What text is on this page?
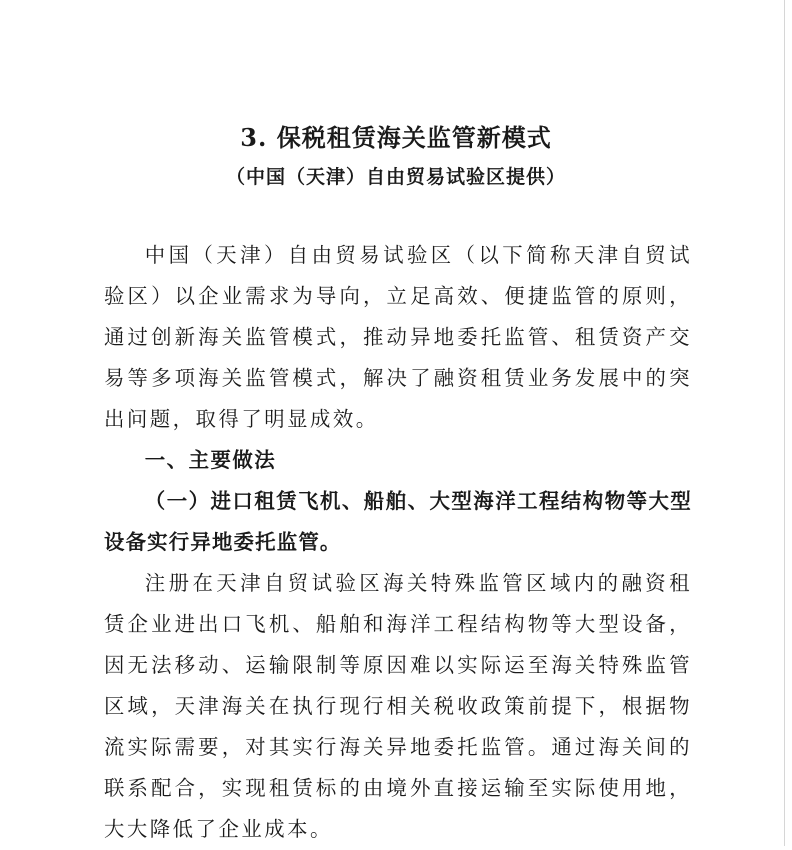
3. 保税租赁海关监管新模式
（中国（天津）自由贸易试验区提供）

中国（天津）自由贸易试验区（以下简称天津自贸试验区）以企业需求为导向，立足高效、便捷监管的原则，通过创新海关监管模式，推动异地委托监管、租赁资产交易等多项海关监管模式，解决了融资租赁业务发展中的突出问题，取得了明显成效。

一、主要做法

（一）进口租赁飞机、船舶、大型海洋工程结构物等大型设备实行异地委托监管。

注册在天津自贸试验区海关特殊监管区域内的融资租赁企业进出口飞机、船舶和海洋工程结构物等大型设备，因无法移动、运输限制等原因难以实际运至海关特殊监管区域，天津海关在执行现行相关税收政策前提下，根据物流实际需要，对其实行海关异地委托监管。通过海关间的联系配合，实现租赁标的由境外直接运输至实际使用地，大大降低了企业成本。
